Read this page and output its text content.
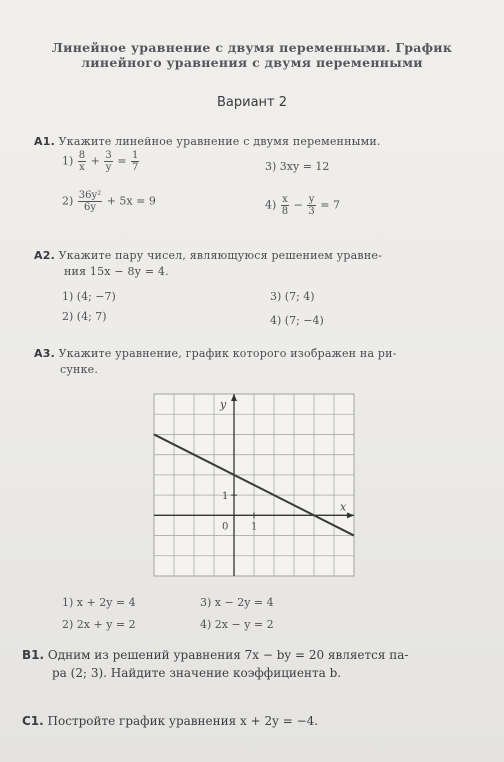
Линейное уравнение с двумя переменными. График
линейного уравнения с двумя переменными
Вариант 2
А1. Укажите линейное уравнение с двумя переменными.
$1) \frac{8}{x} + \frac{3}{y} = \frac{1}{7}$
$2) \frac{\text{36y²}}{6y} + 5x = 9$
3) 3xy = 12
$4) \frac{x}{8} - \frac{y}{3} = 7$
А2. Укажите пару чисел, являющуюся решением уравне-
ния 15x − 8y = 4.
1) (4; −7)
2) (4; 7)
3) (7; 4)
4) (7; −4)
А3. Укажите уравнение, график которого изображен на ри-
сунке.
y
x
1
0 1
1) x + 2y = 4
2) 2x + y = 2
3) x − 2y = 4
4) 2x − y = 2
В1. Одним из решений уравнения 7x − by = 20 является па-
ра (2; 3). Найдите значение коэффициента b.
С1. Постройте график уравнения x + 2y = −4.
